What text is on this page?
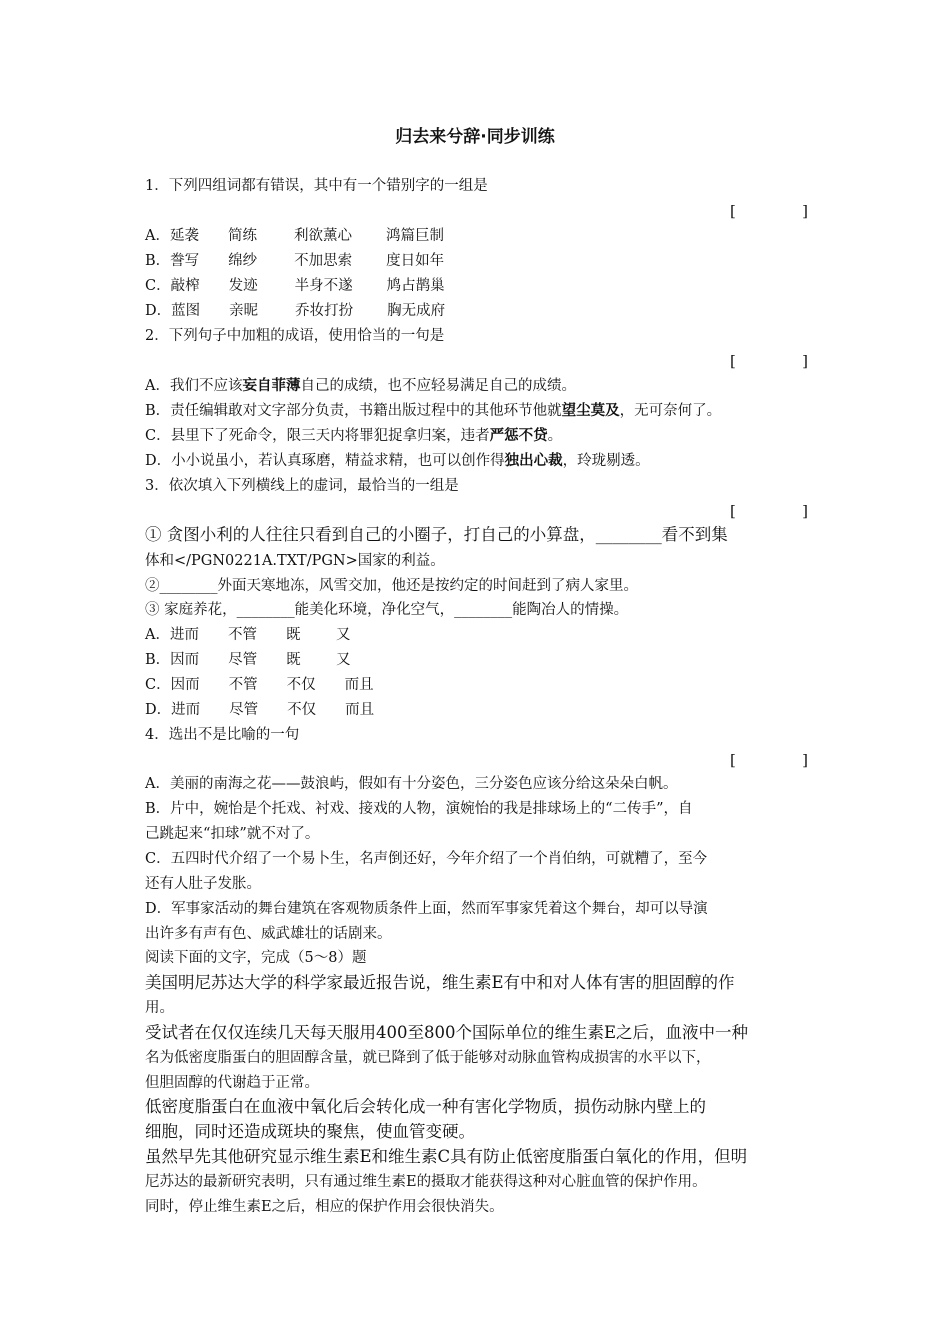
归去来兮辞·同步训练
1．下列四组词都有错误，其中有一个错别字的一组是
[	]
A．延袭 简练	利欲薰心 鸿篇巨制
B．誊写 绵纱	不加思索 度日如年
C．敲榨 发迹	半身不遂 鸠占鹊巢
D．蓝图 亲昵	乔妆打扮 胸无成府
2．下列句子中加粗的成语，使用恰当的一句是
[	]
A．我们不应该妄自菲薄自己的成绩，也不应轻易满足自己的成绩。
B．责任编辑敢对文字部分负责，书籍出版过程中的其他环节他就望尘莫及，无可奈何了。
C．县里下了死命令，限三天内将罪犯捉拿归案，违者严惩不贷。
D．小小说虽小，若认真琢磨，精益求精，也可以创作得独出心裁，玲珑剔透。
3．依次填入下列横线上的虚词，最恰当的一组是
[	]
① 贪图小利的人往往只看到自己的小圈子，打自己的小算盘，________看不到集
体和</PGN0221A.TXT/PGN>国家的利益。
②________外面天寒地冻，风雪交加，他还是按约定的时间赶到了病人家里。
③ 家庭养花，________能美化环境，净化空气，________能陶冶人的情操。
A．进而 不管 既 又
B．因而 尽管 既 又
C．因而 不管 不仅 而且
D．进而 尽管 不仅 而且
4．选出不是比喻的一句
[	]
A．美丽的南海之花——鼓浪屿，假如有十分姿色，三分姿色应该分给这朵朵白帆。
B．片中，婉怡是个托戏、衬戏、接戏的人物，演婉怡的我是排球场上的“二传手”，自
己跳起来“扣球”就不对了。
C．五四时代介绍了一个易卜生，名声倒还好，今年介绍了一个肖伯纳，可就糟了，至今
还有人肚子发胀。
D．军事家活动的舞台建筑在客观物质条件上面，然而军事家凭着这个舞台，却可以导演
出许多有声有色、威武雄壮的话剧来。
阅读下面的文字，完成（5～8）题
美国明尼苏达大学的科学家最近报告说，维生素E有中和对人体有害的胆固醇的作
用。
受试者在仅仅连续几天每天服用400至800个国际单位的维生素E之后，血液中一种
名为低密度脂蛋白的胆固醇含量，就已降到了低于能够对动脉血管构成损害的水平以下，
但胆固醇的代谢趋于正常。
低密度脂蛋白在血液中氧化后会转化成一种有害化学物质，损伤动脉内壁上的
细胞，同时还造成斑块的聚焦，使血管变硬。
虽然早先其他研究显示维生素E和维生素C具有防止低密度脂蛋白氧化的作用，但明
尼苏达的最新研究表明，只有通过维生素E的摄取才能获得这种对心脏血管的保护作用。
同时，停止维生素E之后，相应的保护作用会很快消失。
